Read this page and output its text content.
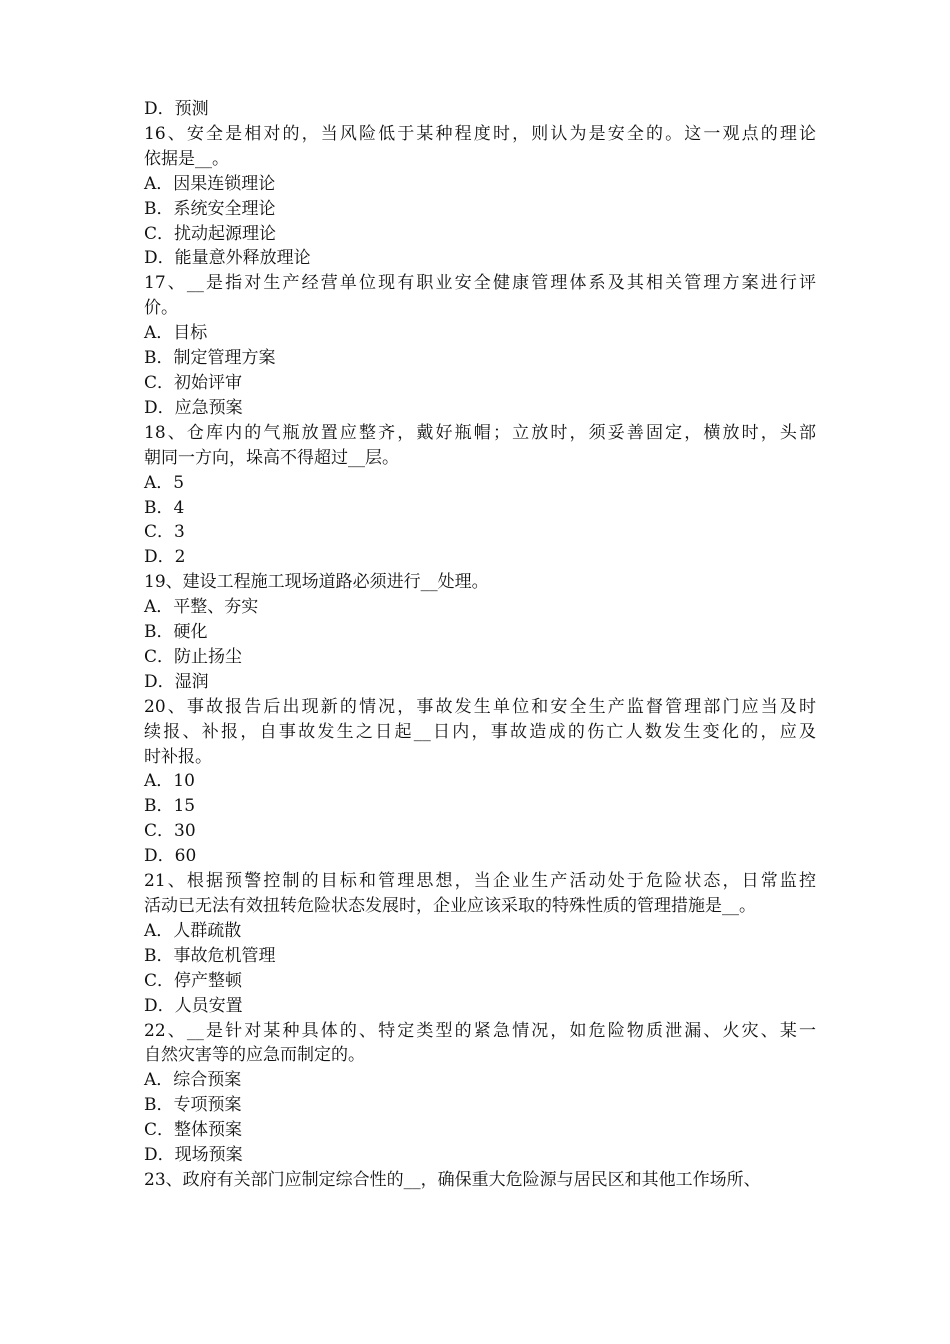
D．预测
16、安全是相对的，当风险低于某种程度时，则认为是安全的。这一观点的理论
依据是__。
A．因果连锁理论
B．系统安全理论
C．扰动起源理论
D．能量意外释放理论
17、__是指对生产经营单位现有职业安全健康管理体系及其相关管理方案进行评
价。
A．目标
B．制定管理方案
C．初始评审
D．应急预案
18、仓库内的气瓶放置应整齐，戴好瓶帽；立放时，须妥善固定，横放时，头部
朝同一方向，垛高不得超过__层。
A．5
B．4
C．3
D．2
19、建设工程施工现场道路必须进行__处理。
A．平整、夯实
B．硬化
C．防止扬尘
D．湿润
20、事故报告后出现新的情况，事故发生单位和安全生产监督管理部门应当及时
续报、补报，自事故发生之日起__日内，事故造成的伤亡人数发生变化的，应及
时补报。
A．10
B．15
C．30
D．60
21、根据预警控制的目标和管理思想，当企业生产活动处于危险状态，日常监控
活动已无法有效扭转危险状态发展时，企业应该采取的特殊性质的管理措施是__。
A．人群疏散
B．事故危机管理
C．停产整顿
D．人员安置
22、__是针对某种具体的、特定类型的紧急情况，如危险物质泄漏、火灾、某一
自然灾害等的应急而制定的。
A．综合预案
B．专项预案
C．整体预案
D．现场预案
23、政府有关部门应制定综合性的__，确保重大危险源与居民区和其他工作场所、
